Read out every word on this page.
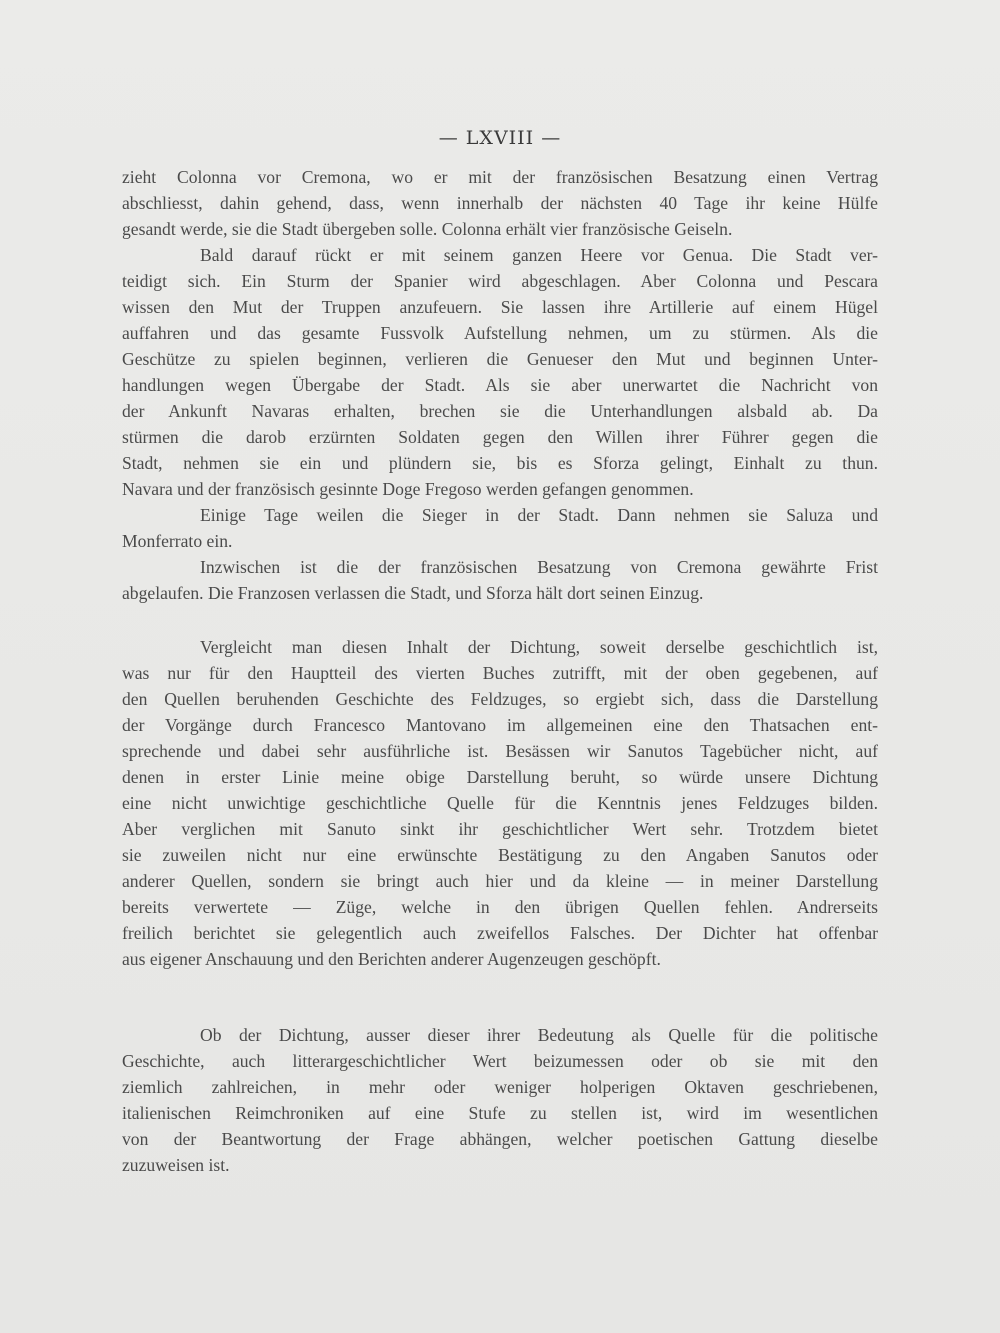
— LXVIII —
zieht Colonna vor Cremona, wo er mit der französischen Besatzung einen Vertrag
abschliesst, dahin gehend, dass, wenn innerhalb der nächsten 40 Tage ihr keine Hülfe
gesandt werde, sie die Stadt übergeben solle. Colonna erhält vier französische Geiseln.
Bald darauf rückt er mit seinem ganzen Heere vor Genua. Die Stadt ver-
teidigt sich. Ein Sturm der Spanier wird abgeschlagen. Aber Colonna und Pescara
wissen den Mut der Truppen anzufeuern. Sie lassen ihre Artillerie auf einem Hügel
auffahren und das gesamte Fussvolk Aufstellung nehmen, um zu stürmen. Als die
Geschütze zu spielen beginnen, verlieren die Genueser den Mut und beginnen Unter-
handlungen wegen Übergabe der Stadt. Als sie aber unerwartet die Nachricht von
der Ankunft Navaras erhalten, brechen sie die Unterhandlungen alsbald ab. Da
stürmen die darob erzürnten Soldaten gegen den Willen ihrer Führer gegen die
Stadt, nehmen sie ein und plündern sie, bis es Sforza gelingt, Einhalt zu thun.
Navara und der französisch gesinnte Doge Fregoso werden gefangen genommen.
Einige Tage weilen die Sieger in der Stadt. Dann nehmen sie Saluza und
Monferrato ein.
Inzwischen ist die der französischen Besatzung von Cremona gewährte Frist
abgelaufen. Die Franzosen verlassen die Stadt, und Sforza hält dort seinen Einzug.
Vergleicht man diesen Inhalt der Dichtung, soweit derselbe geschichtlich ist,
was nur für den Hauptteil des vierten Buches zutrifft, mit der oben gegebenen, auf
den Quellen beruhenden Geschichte des Feldzuges, so ergiebt sich, dass die Darstellung
der Vorgänge durch Francesco Mantovano im allgemeinen eine den Thatsachen ent-
sprechende und dabei sehr ausführliche ist. Besässen wir Sanutos Tagebücher nicht, auf
denen in erster Linie meine obige Darstellung beruht, so würde unsere Dichtung
eine nicht unwichtige geschichtliche Quelle für die Kenntnis jenes Feldzuges bilden.
Aber verglichen mit Sanuto sinkt ihr geschichtlicher Wert sehr. Trotzdem bietet
sie zuweilen nicht nur eine erwünschte Bestätigung zu den Angaben Sanutos oder
anderer Quellen, sondern sie bringt auch hier und da kleine — in meiner Darstellung
bereits verwertete — Züge, welche in den übrigen Quellen fehlen. Andrerseits
freilich berichtet sie gelegentlich auch zweifellos Falsches. Der Dichter hat offenbar
aus eigener Anschauung und den Berichten anderer Augenzeugen geschöpft.
Ob der Dichtung, ausser dieser ihrer Bedeutung als Quelle für die politische
Geschichte, auch litterargeschichtlicher Wert beizumessen oder ob sie mit den
ziemlich zahlreichen, in mehr oder weniger holperigen Oktaven geschriebenen,
italienischen Reimchroniken auf eine Stufe zu stellen ist, wird im wesentlichen
von der Beantwortung der Frage abhängen, welcher poetischen Gattung dieselbe
zuzuweisen ist.
